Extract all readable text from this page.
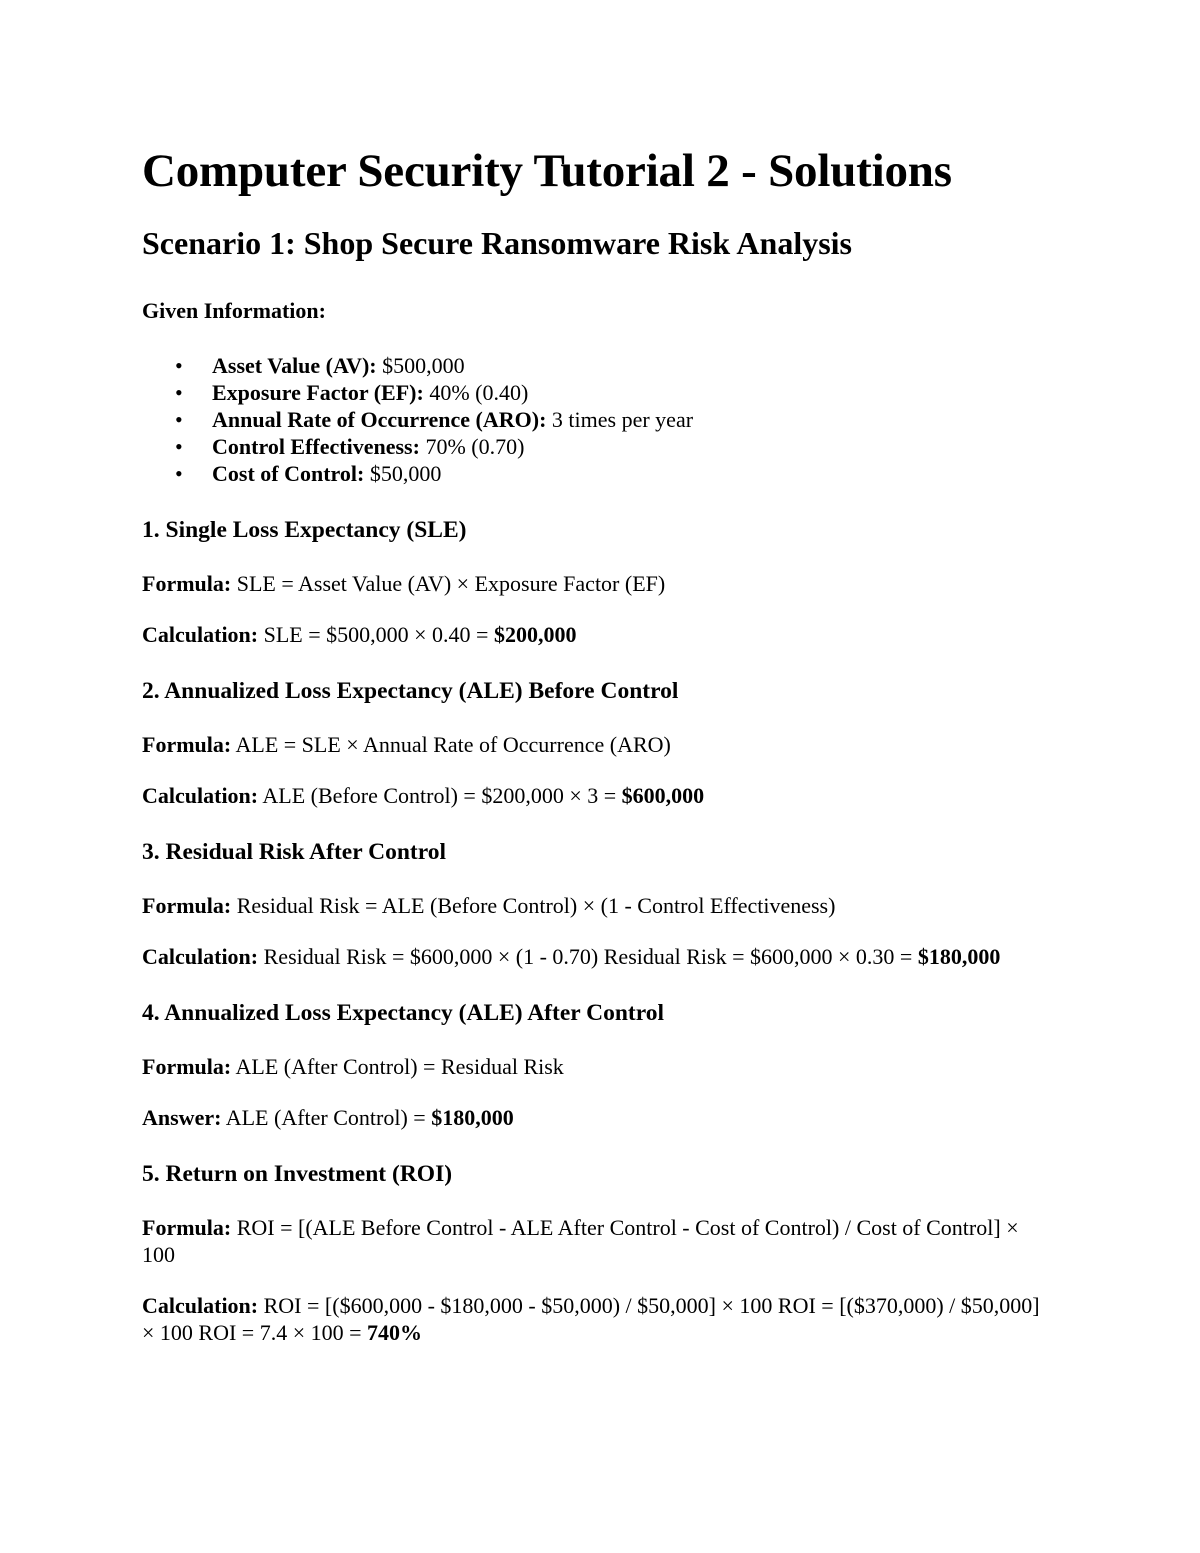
Computer Security Tutorial 2 - Solutions
Scenario 1: Shop Secure Ransomware Risk Analysis
Given Information:
• Asset Value (AV): $500,000
• Exposure Factor (EF): 40% (0.40)
• Annual Rate of Occurrence (ARO): 3 times per year
• Control Effectiveness: 70% (0.70)
• Cost of Control: $50,000
1. Single Loss Expectancy (SLE)

Formula: SLE = Asset Value (AV) × Exposure Factor (EF)

Calculation: SLE = $500,000 × 0.40 = $200,000

2. Annualized Loss Expectancy (ALE) Before Control

Formula: ALE = SLE × Annual Rate of Occurrence (ARO)

Calculation: ALE (Before Control) = $200,000 × 3 = $600,000

3. Residual Risk After Control

Formula: Residual Risk = ALE (Before Control) × (1 - Control Effectiveness)

Calculation: Residual Risk = $600,000 × (1 - 0.70) Residual Risk = $600,000 × 0.30 = $180,000

4. Annualized Loss Expectancy (ALE) After Control

Formula: ALE (After Control) = Residual Risk

Answer: ALE (After Control) = $180,000

5. Return on Investment (ROI)

Formula: ROI = [(ALE Before Control - ALE After Control - Cost of Control) / Cost of Control] × 100

Calculation: ROI = [($600,000 - $180,000 - $50,000) / $50,000] × 100 ROI = [($370,000) / $50,000] × 100 ROI = 7.4 × 100 = 740%
